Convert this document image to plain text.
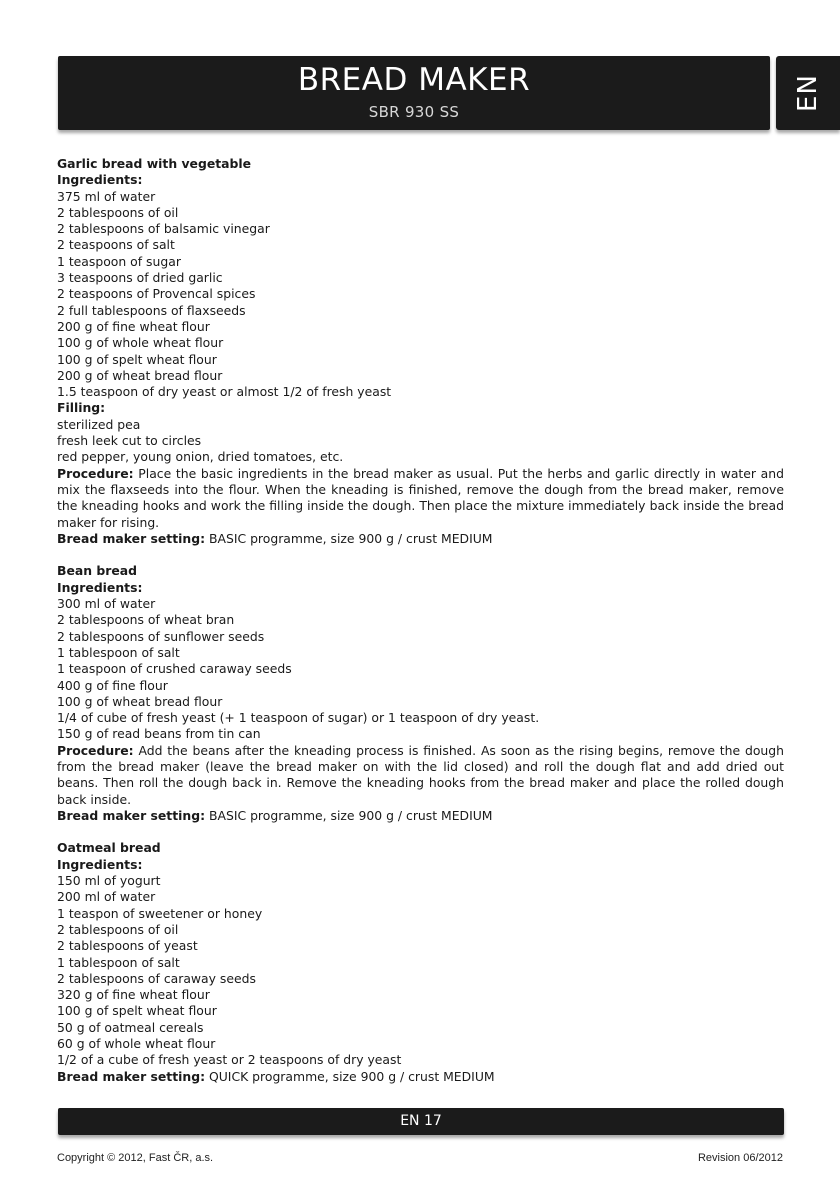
BREAD MAKER
SBR 930 SS
EN
Garlic bread with vegetable
Ingredients:
375 ml of water
2 tablespoons of oil
2 tablespoons of balsamic vinegar
2 teaspoons of salt
1 teaspoon of sugar
3 teaspoons of dried garlic
2 teaspoons of Provencal spices
2 full tablespoons of flaxseeds
200 g of fine wheat flour
100 g of whole wheat flour
100 g of spelt wheat flour
200 g of wheat bread flour
1.5 teaspoon of dry yeast or almost 1/2 of fresh yeast
Filling:
sterilized pea
fresh leek cut to circles
red pepper, young onion, dried tomatoes, etc.

Procedure: Place the basic ingredients in the bread maker as usual. Put the herbs and garlic directly in water and mix the flaxseeds into the flour. When the kneading is finished, remove the dough from the bread maker, remove the kneading hooks and work the filling inside the dough. Then place the mixture immediately back inside the bread maker for rising.

Bread maker setting: BASIC programme, size 900 g / crust MEDIUM
Bean bread
Ingredients:
300 ml of water
2 tablespoons of wheat bran
2 tablespoons of sunflower seeds
1 tablespoon of salt
1 teaspoon of crushed caraway seeds
400 g of fine flour
100 g of wheat bread flour
1/4 of cube of fresh yeast (+ 1 teaspoon of sugar) or 1 teaspoon of dry yeast.
150 g of read beans from tin can

Procedure: Add the beans after the kneading process is finished. As soon as the rising begins, remove the dough from the bread maker (leave the bread maker on with the lid closed) and roll the dough flat and add dried out beans. Then roll the dough back in. Remove the kneading hooks from the bread maker and place the rolled dough back inside.

Bread maker setting: BASIC programme, size 900 g / crust MEDIUM
Oatmeal bread
Ingredients:
150 ml of yogurt
200 ml of water
1 teaspon of sweetener or honey
2 tablespoons of oil
2 tablespoons of yeast
1 tablespoon of salt
2 tablespoons of caraway seeds
320 g of fine wheat flour
100 g of spelt wheat flour
50 g of oatmeal cereals
60 g of whole wheat flour
1/2 of a cube of fresh yeast or 2 teaspoons of dry yeast
Bread maker setting: QUICK programme, size 900 g / crust MEDIUM
EN 17
Copyright © 2012, Fast ČR, a.s.	Revision 06/2012
